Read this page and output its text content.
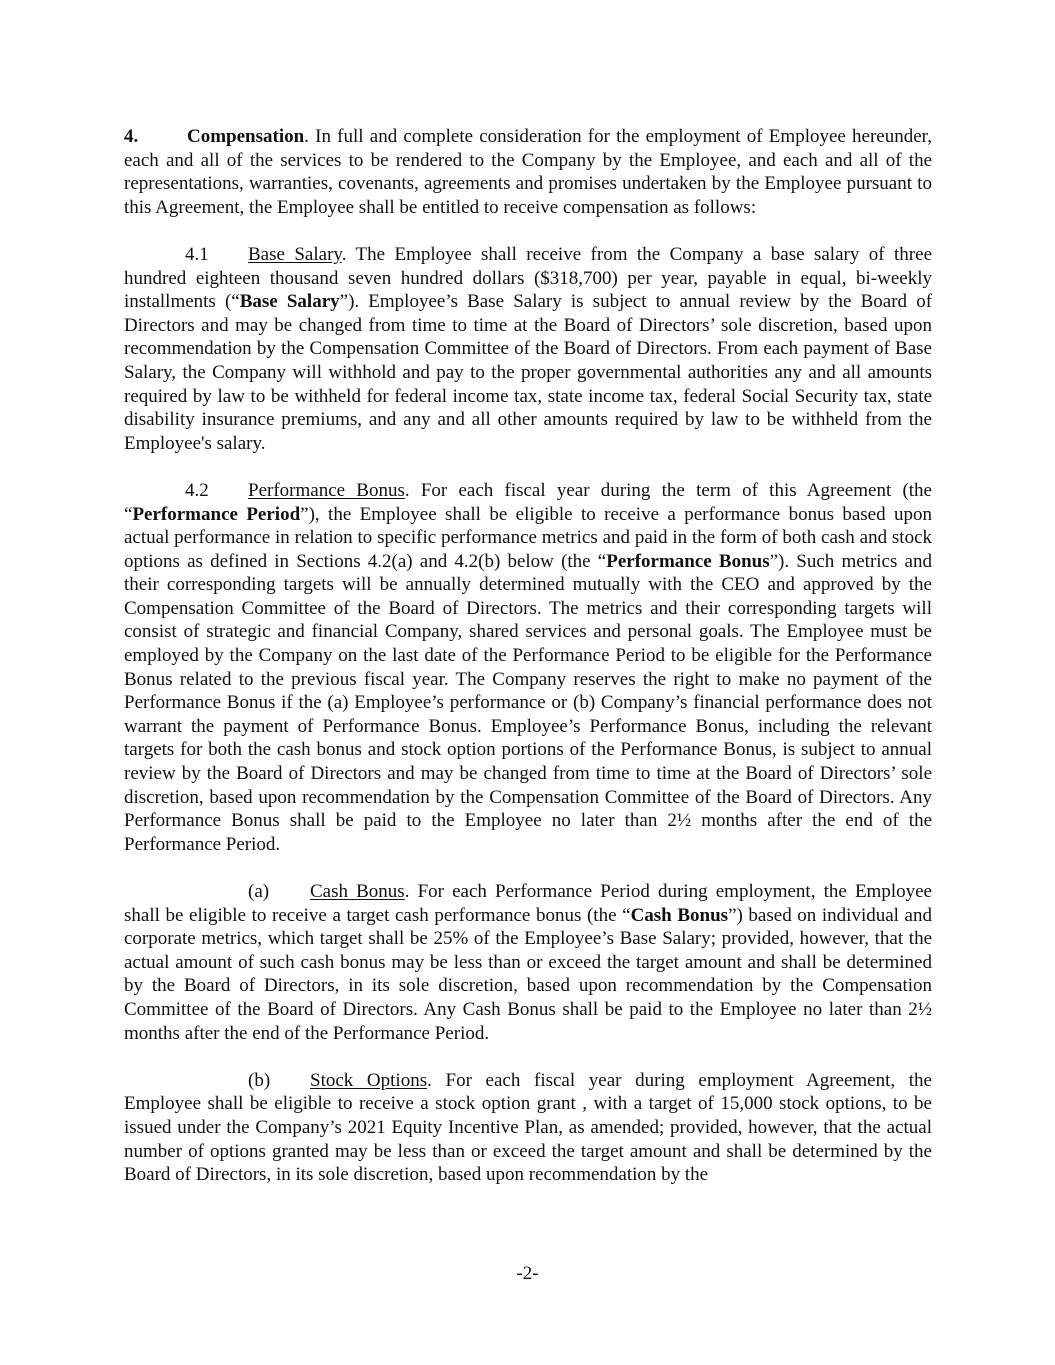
4.	Compensation. In full and complete consideration for the employment of Employee hereunder, each and all of the services to be rendered to the Company by the Employee, and each and all of the representations, warranties, covenants, agreements and promises undertaken by the Employee pursuant to this Agreement, the Employee shall be entitled to receive compensation as follows:

4.1 Base Salary. The Employee shall receive from the Company a base salary of three hundred eighteen thousand seven hundred dollars ($318,700) per year, payable in equal, bi-weekly installments (“Base Salary”). Employee’s Base Salary is subject to annual review by the Board of Directors and may be changed from time to time at the Board of Directors’ sole discretion, based upon recommendation by the Compensation Committee of the Board of Directors. From each payment of Base Salary, the Company will withhold and pay to the proper governmental authorities any and all amounts required by law to be withheld for federal income tax, state income tax, federal Social Security tax, state disability insurance premiums, and any and all other amounts required by law to be withheld from the Employee's salary.

4.2 Performance Bonus. For each fiscal year during the term of this Agreement (the “Performance Period”), the Employee shall be eligible to receive a performance bonus based upon actual performance in relation to specific performance metrics and paid in the form of both cash and stock options as defined in Sections 4.2(a) and 4.2(b) below (the “Performance Bonus”). Such metrics and their corresponding targets will be annually determined mutually with the CEO and approved by the Compensation Committee of the Board of Directors. The metrics and their corresponding targets will consist of strategic and financial Company, shared services and personal goals. The Employee must be employed by the Company on the last date of the Performance Period to be eligible for the Performance Bonus related to the previous fiscal year. The Company reserves the right to make no payment of the Performance Bonus if the (a) Employee’s performance or (b) Company’s financial performance does not warrant the payment of Performance Bonus. Employee’s Performance Bonus, including the relevant targets for both the cash bonus and stock option portions of the Performance Bonus, is subject to annual review by the Board of Directors and may be changed from time to time at the Board of Directors’ sole discretion, based upon recommendation by the Compensation Committee of the Board of Directors. Any Performance Bonus shall be paid to the Employee no later than 2½ months after the end of the Performance Period.

(a) Cash Bonus. For each Performance Period during employment, the Employee shall be eligible to receive a target cash performance bonus (the “Cash Bonus”) based on individual and corporate metrics, which target shall be 25% of the Employee’s Base Salary; provided, however, that the actual amount of such cash bonus may be less than or exceed the target amount and shall be determined by the Board of Directors, in its sole discretion, based upon recommendation by the Compensation Committee of the Board of Directors. Any Cash Bonus shall be paid to the Employee no later than 2½ months after the end of the Performance Period.

(b) Stock Options. For each fiscal year during employment Agreement, the Employee shall be eligible to receive a stock option grant , with a target of 15,000 stock options, to be issued under the Company’s 2021 Equity Incentive Plan, as amended; provided, however, that the actual number of options granted may be less than or exceed the target amount and shall be determined by the Board of Directors, in its sole discretion, based upon recommendation by the

-2-
